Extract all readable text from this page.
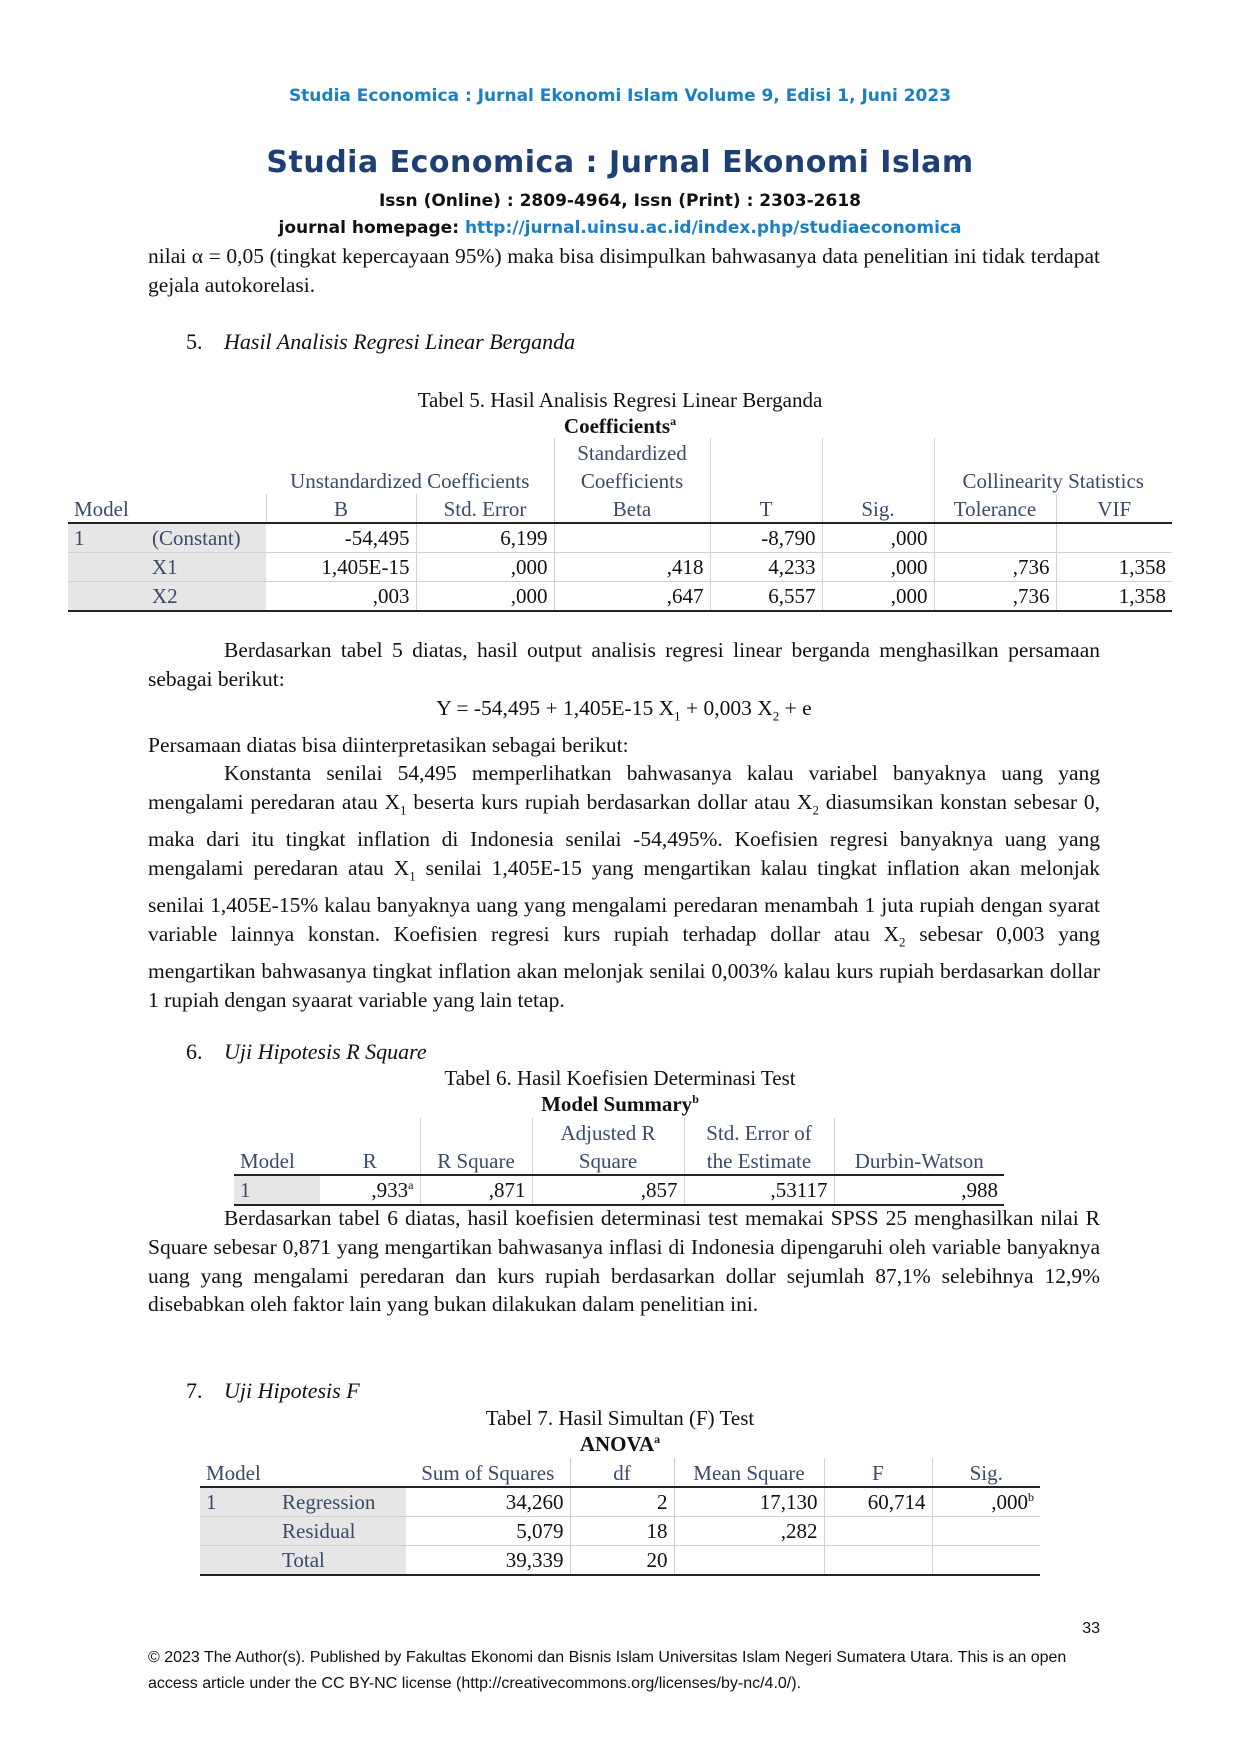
Studia Economica : Jurnal Ekonomi Islam Volume 9, Edisi 1, Juni 2023
Studia Economica : Jurnal Ekonomi Islam
Issn (Online) : 2809-4964, Issn (Print) : 2303-2618
journal homepage: http://jurnal.uinsu.ac.id/index.php/studiaeconomica

nilai α = 0,05 (tingkat kepercayaan 95%) maka bisa disimpulkan bahwasanya data penelitian ini tidak terdapat gejala autokorelasi.

5. Hasil Analisis Regresi Linear Berganda
Tabel 5. Hasil Analisis Regresi Linear Berganda
Coefficients$^a$
				Standardized				
		Unstandardized Coefficients		Coefficients			Collinearity Statistics	
Model		B	Std. Error	Beta	T	Sig.	Tolerance	VIF
1	(Constant)	-54,495	6,199		-8,790	,000		
	X1	1,405E-15	,000	,418	4,233	,000	,736	1,358
	X2	,003	,000	,647	6,557	,000	,736	1,358

Berdasarkan tabel 5 diatas, hasil output analisis regresi linear berganda menghasilkan persamaan sebagai berikut:

Y = -54,495 + 1,405E-15 $X_1 + 0,003$ $X_2 + e$

Persamaan diatas bisa diinterpretasikan sebagai berikut:

Konstanta senilai 54,495 memperlihatkan bahwasanya kalau variabel banyaknya uang yang mengalami peredaran atau $X_1$ beserta kurs rupiah berdasarkan dollar atau $X_2$ diasumsikan konstan sebesar 0, maka dari itu tingkat inflation di Indonesia senilai -54,495%. Koefisien regresi banyaknya uang yang mengalami peredaran atau $X_1$ senilai 1,405E-15 yang mengartikan kalau tingkat inflation akan melonjak senilai 1,405E-15% kalau banyaknya uang yang mengalami peredaran menambah 1 juta rupiah dengan syarat variable lainnya konstan. Koefisien regresi kurs rupiah terhadap dollar atau $X_2$ sebesar 0,003 yang mengartikan bahwasanya tingkat inflation akan melonjak senilai 0,003% kalau kurs rupiah berdasarkan dollar 1 rupiah dengan syaarat variable yang lain tetap.

6. Uji Hipotesis R Square
Tabel 6. Hasil Koefisien Determinasi Test
Model Summary$^b$
			Adjusted R	Std. Error of	
Model	R	R Square	Square	the Estimate	Durbin-Watson
1	,933$^a$	,871	,857	,53117	,988

Berdasarkan tabel 6 diatas, hasil koefisien determinasi test memakai SPSS 25 menghasilkan nilai R Square sebesar 0,871 yang mengartikan bahwasanya inflasi di Indonesia dipengaruhi oleh variable banyaknya uang yang mengalami peredaran dan kurs rupiah berdasarkan dollar sejumlah 87,1% selebihnya 12,9% disebabkan oleh faktor lain yang bukan dilakukan dalam penelitian ini.

7. Uji Hipotesis F
Tabel 7. Hasil Simultan (F) Test
ANOVA$^a$
Model		Sum of Squares	df	Mean Square	F	Sig.
1	Regression	34,260	2	17,130	60,714	,000$^b$
	Residual	5,079	18	,282		
	Total	39,339	20			
33
© 2023 The Author(s). Published by Fakultas Ekonomi dan Bisnis Islam Universitas Islam Negeri Sumatera Utara. This is an open access article under the CC BY-NC license (http://creativecommons.org/licenses/by-nc/4.0/).
